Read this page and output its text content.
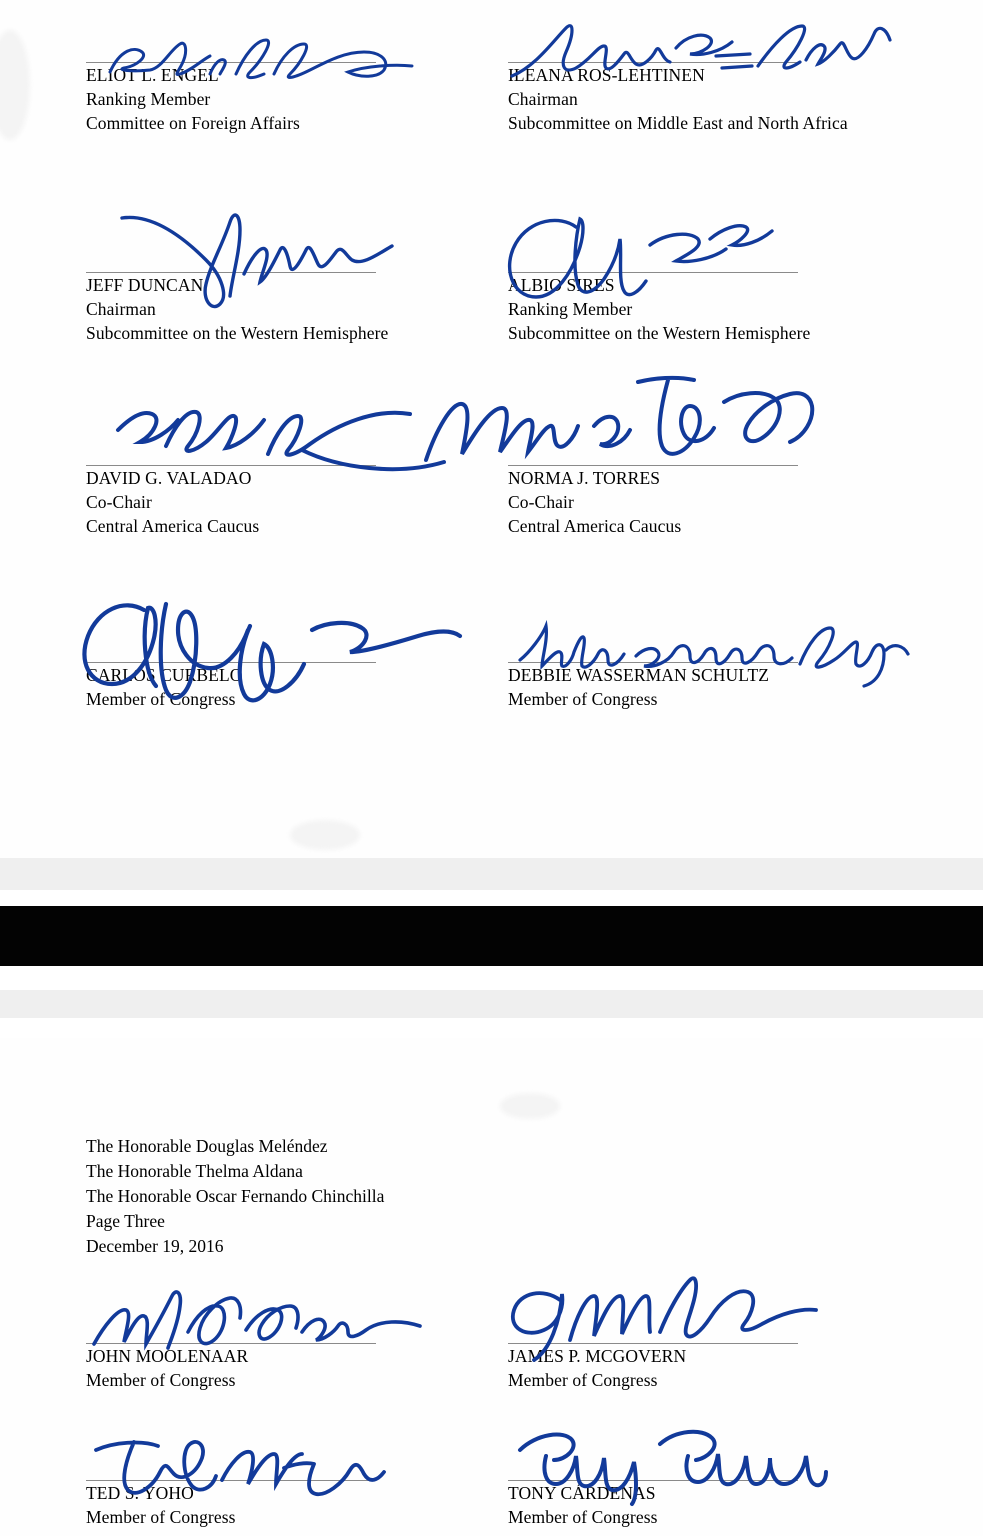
ELIOT L. ENGEL
Ranking Member
Committee on Foreign Affairs
ILEANA ROS-LEHTINEN
Chairman
Subcommittee on Middle East and North Africa
JEFF DUNCAN
Chairman
Subcommittee on the Western Hemisphere
ALBIO SIRES
Ranking Member
Subcommittee on the Western Hemisphere
DAVID G. VALADAO
Co-Chair
Central America Caucus
NORMA J. TORRES
Co-Chair
Central America Caucus
CARLOS CURBELO
Member of Congress
DEBBIE WASSERMAN SCHULTZ
Member of Congress
The Honorable Douglas Meléndez
The Honorable Thelma Aldana
The Honorable Oscar Fernando Chinchilla
Page Three
December 19, 2016
JOHN MOOLENAAR
Member of Congress
JAMES P. MCGOVERN
Member of Congress
TED S. YOHO
Member of Congress
TONY CÁRDENAS
Member of Congress
